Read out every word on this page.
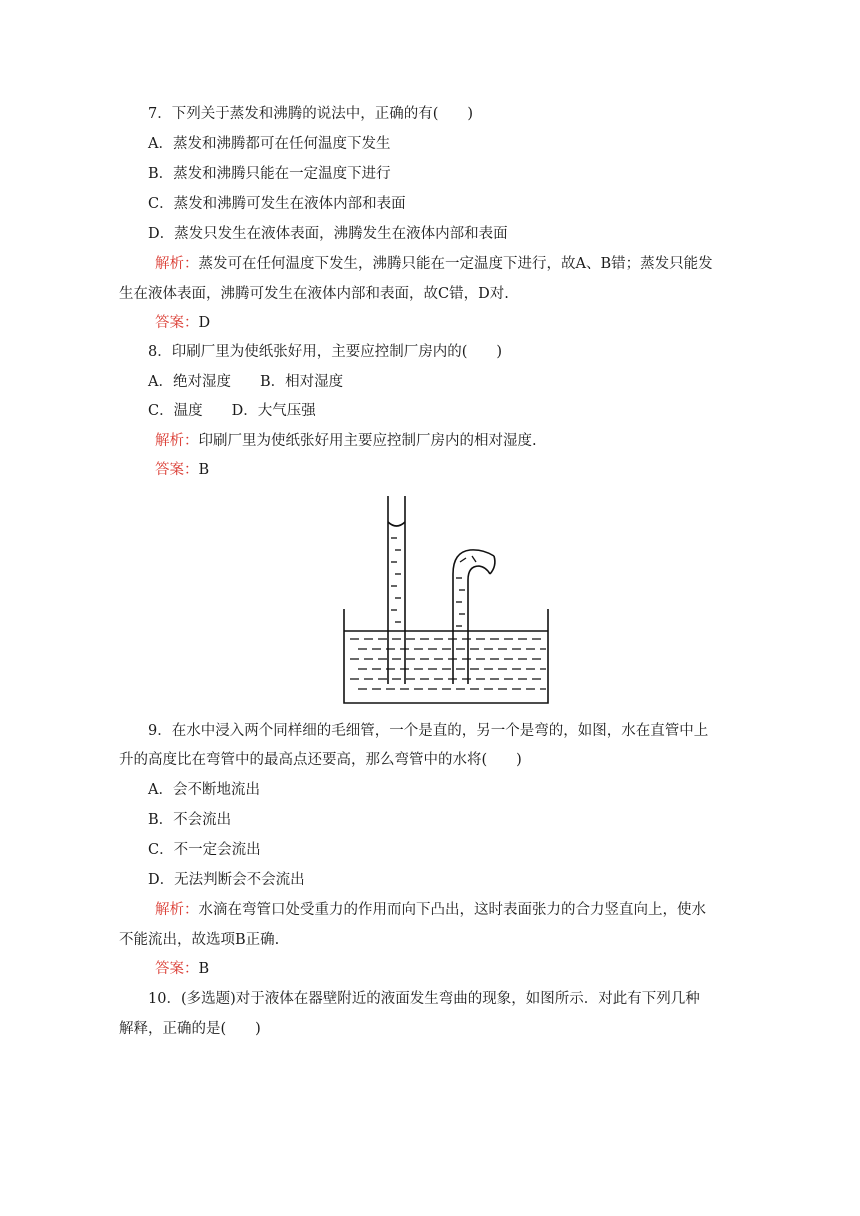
7．下列关于蒸发和沸腾的说法中，正确的有(　　)
A．蒸发和沸腾都可在任何温度下发生
B．蒸发和沸腾只能在一定温度下进行
C．蒸发和沸腾可发生在液体内部和表面
D．蒸发只发生在液体表面，沸腾发生在液体内部和表面
解析：蒸发可在任何温度下发生，沸腾只能在一定温度下进行，故A、B错；蒸发只能发
生在液体表面，沸腾可发生在液体内部和表面，故C错，D对.
答案：D
8．印刷厂里为使纸张好用，主要应控制厂房内的(　　)
A．绝对湿度　　B．相对湿度
C．温度　　D．大气压强
解析：印刷厂里为使纸张好用主要应控制厂房内的相对湿度.
答案：B
9．在水中浸入两个同样细的毛细管，一个是直的，另一个是弯的，如图，水在直管中上
升的高度比在弯管中的最高点还要高，那么弯管中的水将(　　)
A．会不断地流出
B．不会流出
C．不一定会流出
D．无法判断会不会流出
解析：水滴在弯管口处受重力的作用而向下凸出，这时表面张力的合力竖直向上，使水
不能流出，故选项B正确.
答案：B
10．(多选题)对于液体在器壁附近的液面发生弯曲的现象，如图所示．对此有下列几种
解释，正确的是(　　)
